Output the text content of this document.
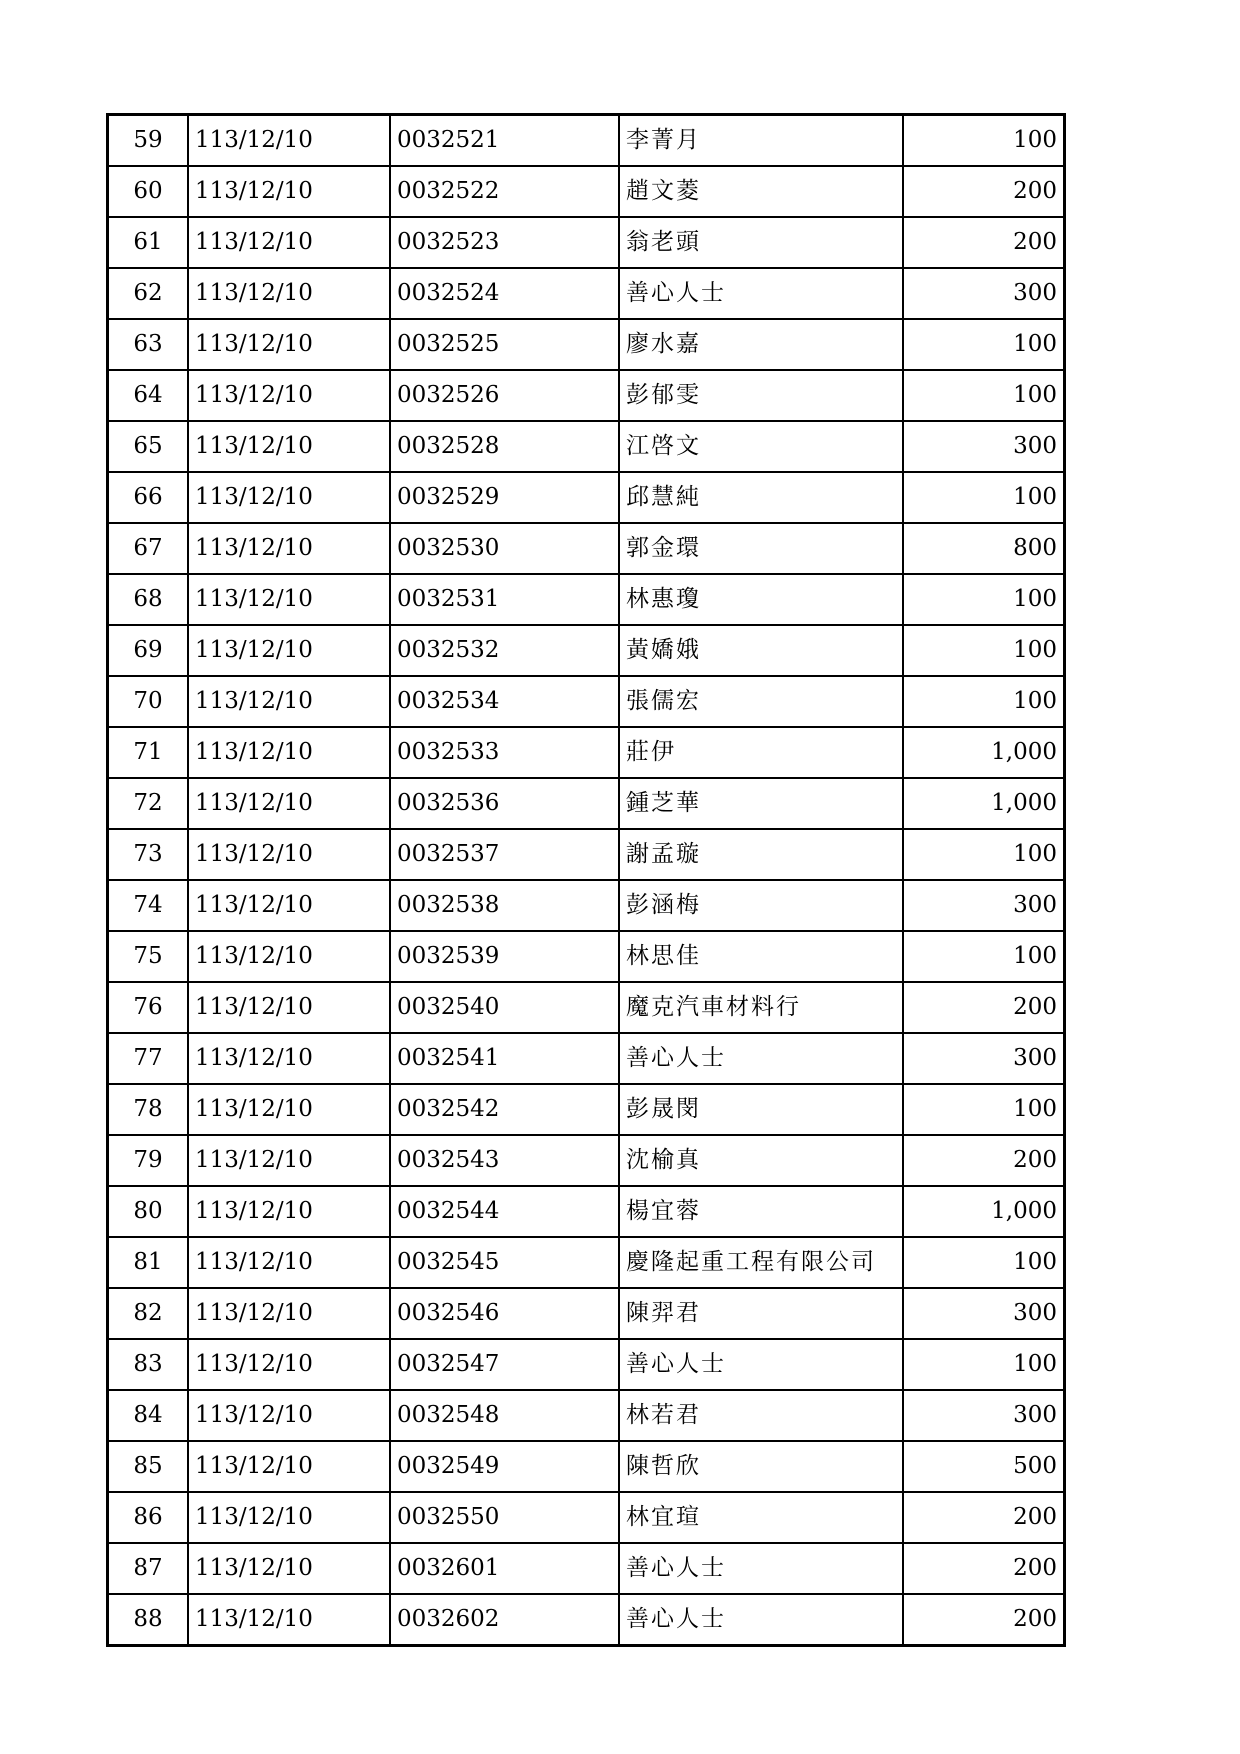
59	113/12/10	0032521	李菁月	100
60	113/12/10	0032522	趙文菱	200
61	113/12/10	0032523	翁老頭	200
62	113/12/10	0032524	善心人士	300
63	113/12/10	0032525	廖水嘉	100
64	113/12/10	0032526	彭郁雯	100
65	113/12/10	0032528	江啓文	300
66	113/12/10	0032529	邱慧純	100
67	113/12/10	0032530	郭金環	800
68	113/12/10	0032531	林惠瓊	100
69	113/12/10	0032532	黃嬌娥	100
70	113/12/10	0032534	張儒宏	100
71	113/12/10	0032533	莊伊	1,000
72	113/12/10	0032536	鍾芝華	1,000
73	113/12/10	0032537	謝孟璇	100
74	113/12/10	0032538	彭涵梅	300
75	113/12/10	0032539	林思佳	100
76	113/12/10	0032540	魔克汽車材料行	200
77	113/12/10	0032541	善心人士	300
78	113/12/10	0032542	彭晟閔	100
79	113/12/10	0032543	沈榆真	200
80	113/12/10	0032544	楊宜蓉	1,000
81	113/12/10	0032545	慶隆起重工程有限公司	100
82	113/12/10	0032546	陳羿君	300
83	113/12/10	0032547	善心人士	100
84	113/12/10	0032548	林若君	300
85	113/12/10	0032549	陳哲欣	500
86	113/12/10	0032550	林宜瑄	200
87	113/12/10	0032601	善心人士	200
88	113/12/10	0032602	善心人士	200
